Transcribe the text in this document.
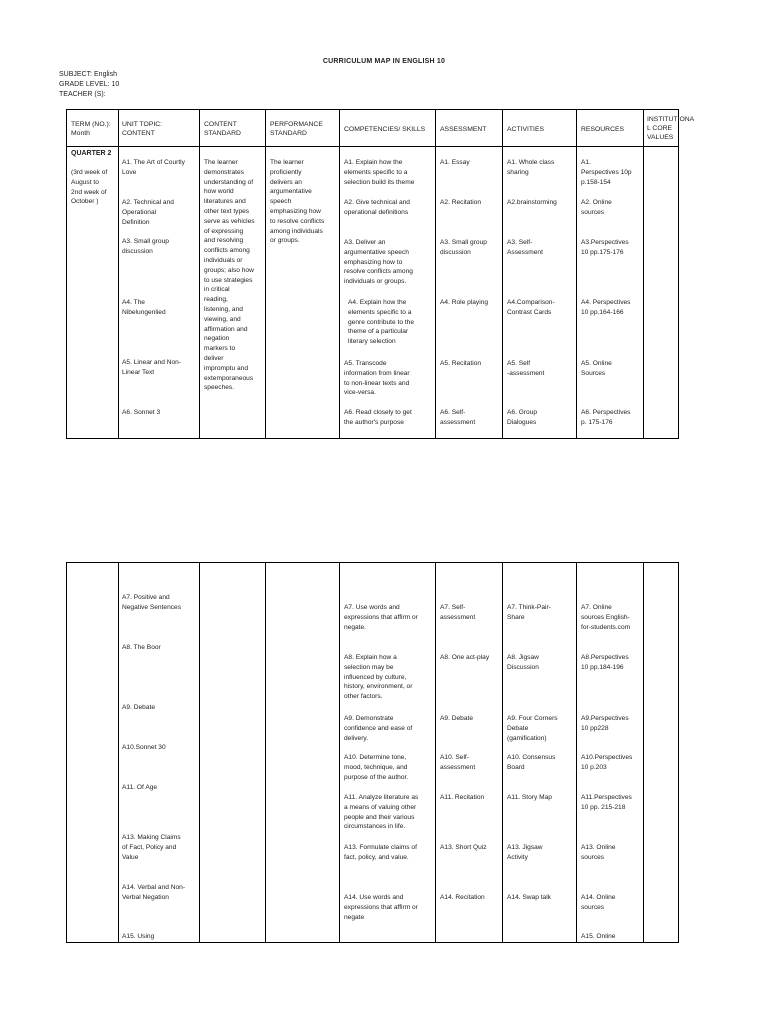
CURRICULUM MAP IN ENGLISH 10
SUBJECT: English
GRADE LEVEL: 10
TEACHER (S):
TERM (NO.):
Month
UNIT TOPIC:
CONTENT
CONTENT
STANDARD
PERFORMANCE
STANDARD
COMPETENCIES/ SKILLS ASSESSMENT	ACTIVITIES	RESOURCES
INSTITUTIONA
L CORE
VALUES
QUARTER 2
(3rd week of
August to
2nd week of
October )
A1. The Art of Courtly
Love
A2. Technical and
Operational
Definition
A3. Small group
discussion
A4. The
Nibelungenlied
A5. Linear and Non-
Linear Text
A6. Sonnet 3
The learner
demonstrates
understanding of
how world
literatures and
other text types
serve as vehicles
of expressing
and resolving
conflicts among
individuals or
groups; also how
to use strategies
in critical
reading,
listening, and
viewing, and
affirmation and
negation
markers to
deliver
impromptu and
extemporaneous
speeches.
The learner
proficiently
delivers an
argumentative
speech
emphasizing how
to resolve conflicts
among individuals
or groups.
A1. Explain how the
elements specific to a
selection build its theme
A2. Give technical and
operational definitions
A3. Deliver an
argumentative speech
emphasizing how to
resolve conflicts among
individuals or groups.
A4. Explain how the
elements specific to a
genre contribute to the
theme of a particular
literary selection
A5. Transcode
information from linear
to non-linear texts and
vice-versa.
A6. Read closely to get
the author's purpose
A1. Essay
A2. Recitation
A3. Small group
discussion
A4. Role playing
A5. Recitation
A6. Self-
assessment
A1. Whole class
sharing
A2.brainstorming
A3. Self-
Assessment
A4.Comparison-
Contrast Cards
A5. Self
-assessment
A6. Group
Dialogues
A1.
Perspectives 10p
p.158-154
A2. Online
sources
A3.Perspectives
10 pp.175-176
A4. Perspectives
10 pp.164-166
A5. Online
Sources
A6. Perspectives
p. 175-176
A7. Positive and
Negative Sentences
A8. The Boor
A9. Debate
A10.Sonnet 30
A11. Of Age
A13. Making Claims
of Fact, Policy and
Value
A14. Verbal and Non-
Verbal Negation
A15. Using
A7. Use words and
expressions that affirm or
negate.
A8. Explain how a
selection may be
influenced by culture,
history, environment, or
other factors.
A9. Demonstrate
confidence and ease of
delivery.
A10. Determine tone,
mood, technique, and
purpose of the author.
A11. Analyze literature as
a means of valuing other
people and their various
circumstances in life.
A13. Formulate claims of
fact, policy, and value.
A14. Use words and
expressions that affirm or
negate
A7. Self-
assessment
A8. One act-play
A9. Debate
A10. Self-
assessment
A11. Recitation
A13. Short Quiz
A14. Recitation
A7. Think-Pair-
Share
A8. Jigsaw
Discussion
A9. Four Corners
Debate
(gamification)
A10. Consensus
Board
A11. Story Map
A13. Jigsaw
Activity
A14. Swap talk
A7. Online
sources English-
for-students.com
A8.Perspectives
10 pp.184-196
A9.Perspectives
10 pp228
A10.Perspectives
10 p.203
A11.Perspectives
10 pp. 215-218
A13. Online
sources
A14. Online
sources
A15. Online
